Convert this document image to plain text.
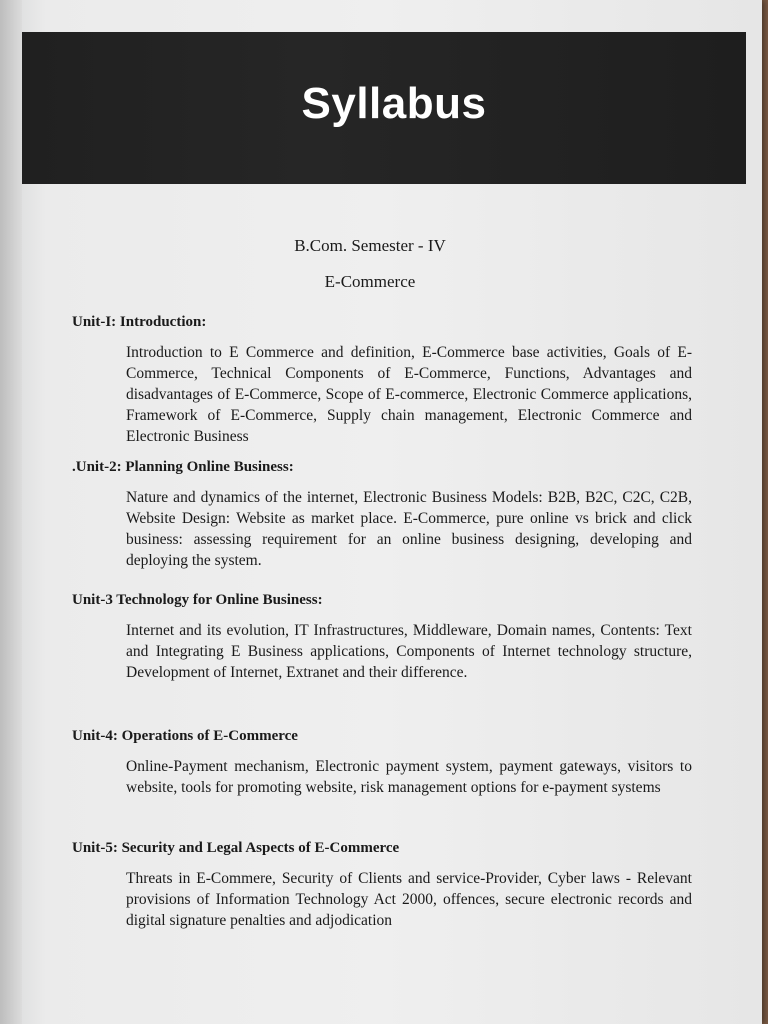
Syllabus
B.Com. Semester - IV
E-Commerce
Unit-I: Introduction:
Introduction to E Commerce and definition, E-Commerce base activities, Goals of E-Commerce, Technical Components of E-Commerce, Functions, Advantages and disadvantages of E-Commerce, Scope of E-commerce, Electronic Commerce applications, Framework of E-Commerce, Supply chain management, Electronic Commerce and Electronic Business
.Unit-2: Planning Online Business:
Nature and dynamics of the internet, Electronic Business Models: B2B, B2C, C2C, C2B, Website Design: Website as market place. E-Commerce, pure online vs brick and click business: assessing requirement for an online business designing, developing and deploying the system.
Unit-3 Technology for Online Business:
Internet and its evolution, IT Infrastructures, Middleware, Domain names, Contents: Text and Integrating E Business applications, Components of Internet technology structure, Development of Internet, Extranet and their difference.
Unit-4: Operations of E-Commerce
Online-Payment mechanism, Electronic payment system, payment gateways, visitors to website, tools for promoting website, risk management options for e-payment systems
Unit-5: Security and Legal Aspects of E-Commerce
Threats in E-Commere, Security of Clients and service-Provider, Cyber laws - Relevant provisions of Information Technology Act 2000, offences, secure electronic records and digital signature penalties and adjodication
